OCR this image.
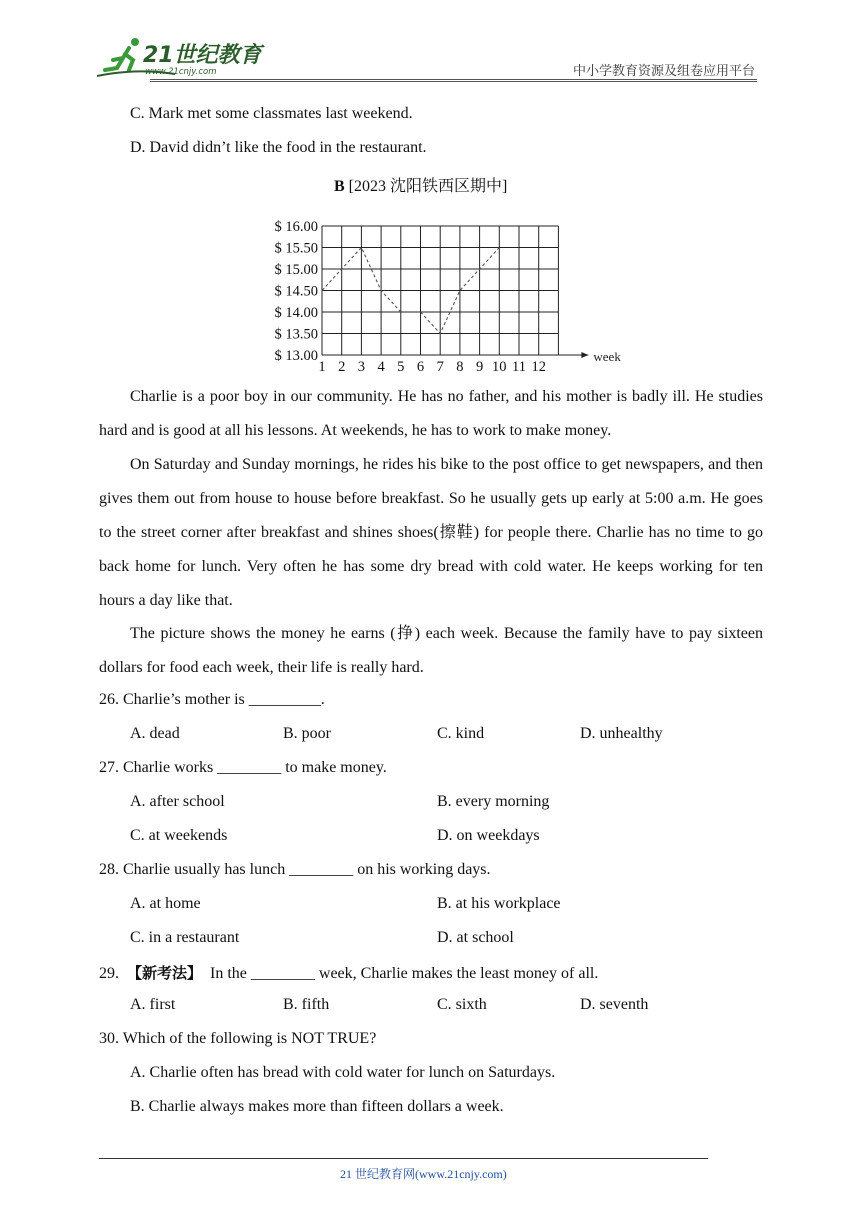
21世纪教育
www.21cnjy.com	中小学教育资源及组卷应用平台
C. Mark met some classmates last weekend.
D. David didn’t like the food in the restaurant.
B [2023 沈阳铁西区期中]
$ 16.00
$ 15.50
$ 15.00
$ 14.50
$ 14.00
$ 13.50
$ 13.00
1 2 3 4 5 6 7 8 9 10 11 12
week
Charlie is a poor boy in our community. He has no father, and his mother is badly ill. He studies hard and is good at all his lessons. At weekends, he has to work to make money.
On Saturday and Sunday mornings, he rides his bike to the post office to get newspapers, and then gives them out from house to house before breakfast. So he usually gets up early at 5:00 a.m. He goes to the street corner after breakfast and shines shoes(擦鞋) for people there. Charlie has no time to go back home for lunch. Very often he has some dry bread with cold water. He keeps working for ten hours a day like that.
The picture shows the money he earns (挣) each week. Because the family have to pay sixteen dollars for food each week, their life is really hard.
26. Charlie’s mother is _________.
A. dead	B. poor	C. kind	D. unhealthy
27. Charlie works ________ to make money.
A. after school	B. every morning
C. at weekends	D. on weekdays
28. Charlie usually has lunch ________ on his working days.
A. at home	B. at his workplace
C. in a restaurant	D. at school
29. 【新考法】 In the ________ week, Charlie makes the least money of all.
A. first	B. fifth	C. sixth	D. seventh
30. Which of the following is NOT TRUE?
A. Charlie often has bread with cold water for lunch on Saturdays.
B. Charlie always makes more than fifteen dollars a week.
21 世纪教育网(www.21cnjy.com)
